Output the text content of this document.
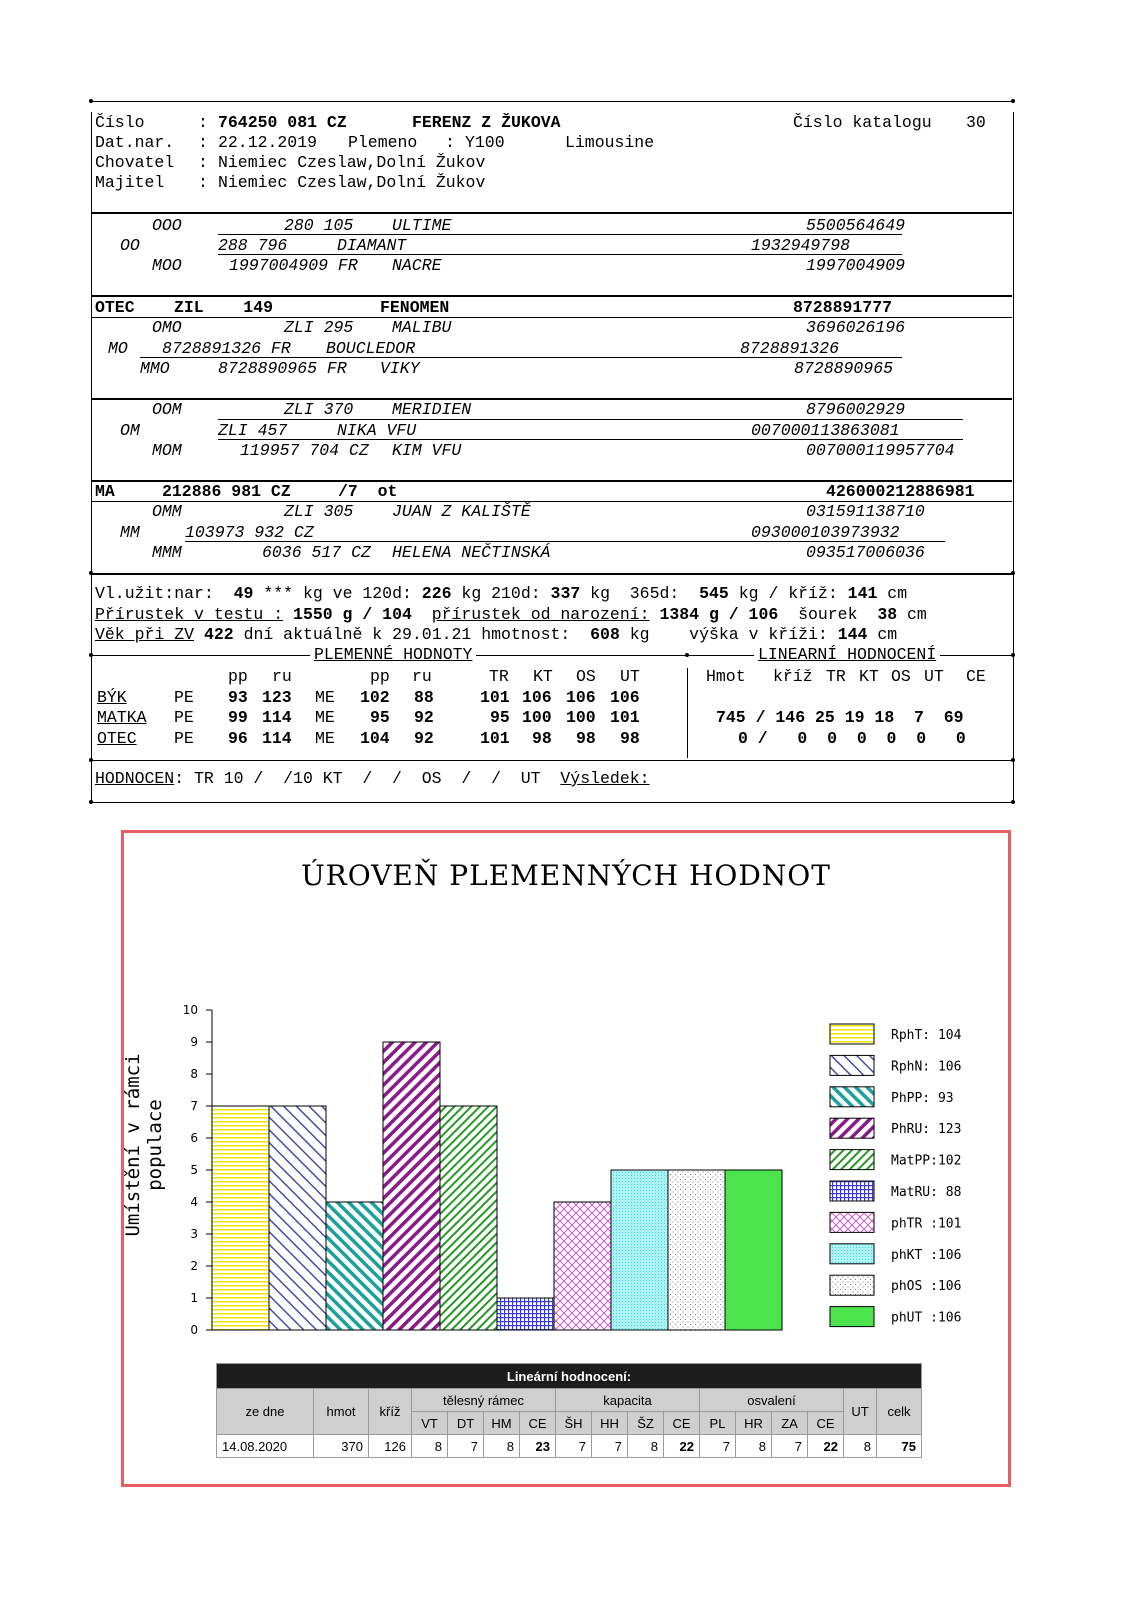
Číslo	: 764250 081 CZ	FERENZ Z ŽUKOVA	Číslo katalogu 30
Dat.nar. : 22.12.2019 Plemeno : Y100	Limousine
Chovatel : Niemiec Czeslaw,Dolní Žukov
Majitel : Niemiec Czeslaw,Dolní Žukov
OOO	280 105 ULTIME	5500564649
OO	288 796	DIAMANT	1932949798
MOO	1997004909 FR NACRE	1997004909
OTEC ZIL    149	FENOMEN	8728891777
OMO	ZLI 295 MALIBU	3696026196
MO 8728891326 FR BOUCLEDOR	8728891326
MMO	8728890965 FR VIKY	8728890965
OOM	ZLI 370 MERIDIEN	8796002929
OM	ZLI 457	NIKA VFU	007000113863081
MOM	119957 704 CZ KIM VFU	007000119957704
MA	212886 981 CZ	/7  ot	426000212886981
OMM	ZLI 305 JUAN Z KALIŠTĚ	031591138710
MM	103973 932 CZ	093000103973932
MMM	6036 517 CZ HELENA NEČTINSKÁ	093517006036
Vl.užit:nar: 49 *** kg ve 120d: 226 kg 210d: 337 kg  365d: 545 kg / kříž: 141 cm
Přírustek v testu : 1550 g / 104 přírustek od narození: 1384 g / 106 šourek 38 cm
Věk při ZV 422 dní aktuálně k 29.01.21 hmotnost: 608 kg    výška v kříži: 144 cm
PLEMENNÉ HODNOTY	LINEARNÍ HODNOCENÍ
pp ru	pp ru	TR KT OS UT	Hmot kříž TR KT OS UT CE
BÝK	PE 93 123 ME 102 88	101 106 106 106
MATKA PE 99 114 ME 95 92	95 100 100 101	745 / 146 25 19 18  7  69
OTEC PE 96 114 ME 104 92	101 98 98 98	0 /   0  0  0  0  0   0
HODNOCEN: TR 10 /  /10 KT  /  /  OS  /  /  UT Výsledek:
ÚROVEŇ PLEMENNÝCH HODNOT
Umístění v rámci populace
0
1
2
3
4
5
6
7
8
9
10
RphT: 104
RphN: 106
PhPP: 93
PhRU: 123
MatPP:102
MatRU: 88
phTR :101
phKT :106
phOS :106
phUT :106
Lineární hodnocení:																
ze dne	hmot	kříž	tělesný rámec				kapacita				osvalení				UT	celk
			VT	DT	HM	CE	ŠH	HH	ŠZ	CE	PL	HR	ZA	CE		
14.08.2020	370	126	8	7	8	23	7	7	8	22	7	8	7	22	8	75
